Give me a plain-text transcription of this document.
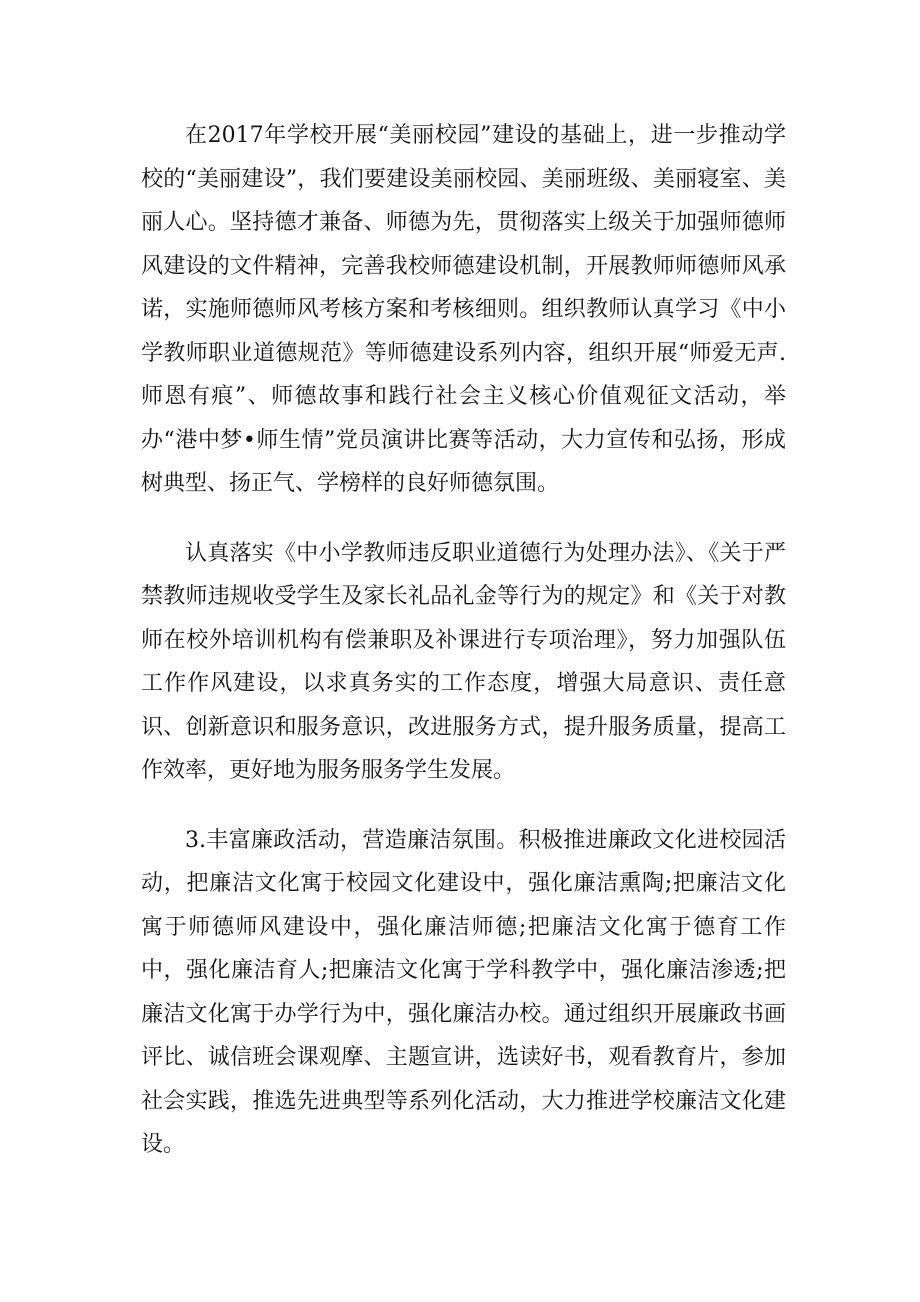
在2017年学校开展“美丽校园”建设的基础上，进一步推动学校的“美丽建设”，我们要建设美丽校园、美丽班级、美丽寝室、美丽人心。坚持德才兼备、师德为先，贯彻落实上级关于加强师德师风建设的文件精神，完善我校师德建设机制，开展教师师德师风承诺，实施师德师风考核方案和考核细则。组织教师认真学习《中小学教师职业道德规范》等师德建设系列内容，组织开展“师爱无声.师恩有痕”、师德故事和践行社会主义核心价值观征文活动，举办“港中梦•师生情”党员演讲比赛等活动，大力宣传和弘扬，形成树典型、扬正气、学榜样的良好师德氛围。

认真落实《中小学教师违反职业道德行为处理办法》、《关于严禁教师违规收受学生及家长礼品礼金等行为的规定》和《关于对教师在校外培训机构有偿兼职及补课进行专项治理》，努力加强队伍工作作风建设，以求真务实的工作态度，增强大局意识、责任意识、创新意识和服务意识，改进服务方式，提升服务质量，提高工作效率，更好地为服务服务学生发展。

3.丰富廉政活动，营造廉洁氛围。积极推进廉政文化进校园活动，把廉洁文化寓于校园文化建设中，强化廉洁熏陶;把廉洁文化寓于师德师风建设中，强化廉洁师德;把廉洁文化寓于德育工作中，强化廉洁育人;把廉洁文化寓于学科教学中，强化廉洁渗透;把廉洁文化寓于办学行为中，强化廉洁办校。通过组织开展廉政书画评比、诚信班会课观摩、主题宣讲，选读好书，观看教育片，参加社会实践，推选先进典型等系列化活动，大力推进学校廉洁文化建设。
